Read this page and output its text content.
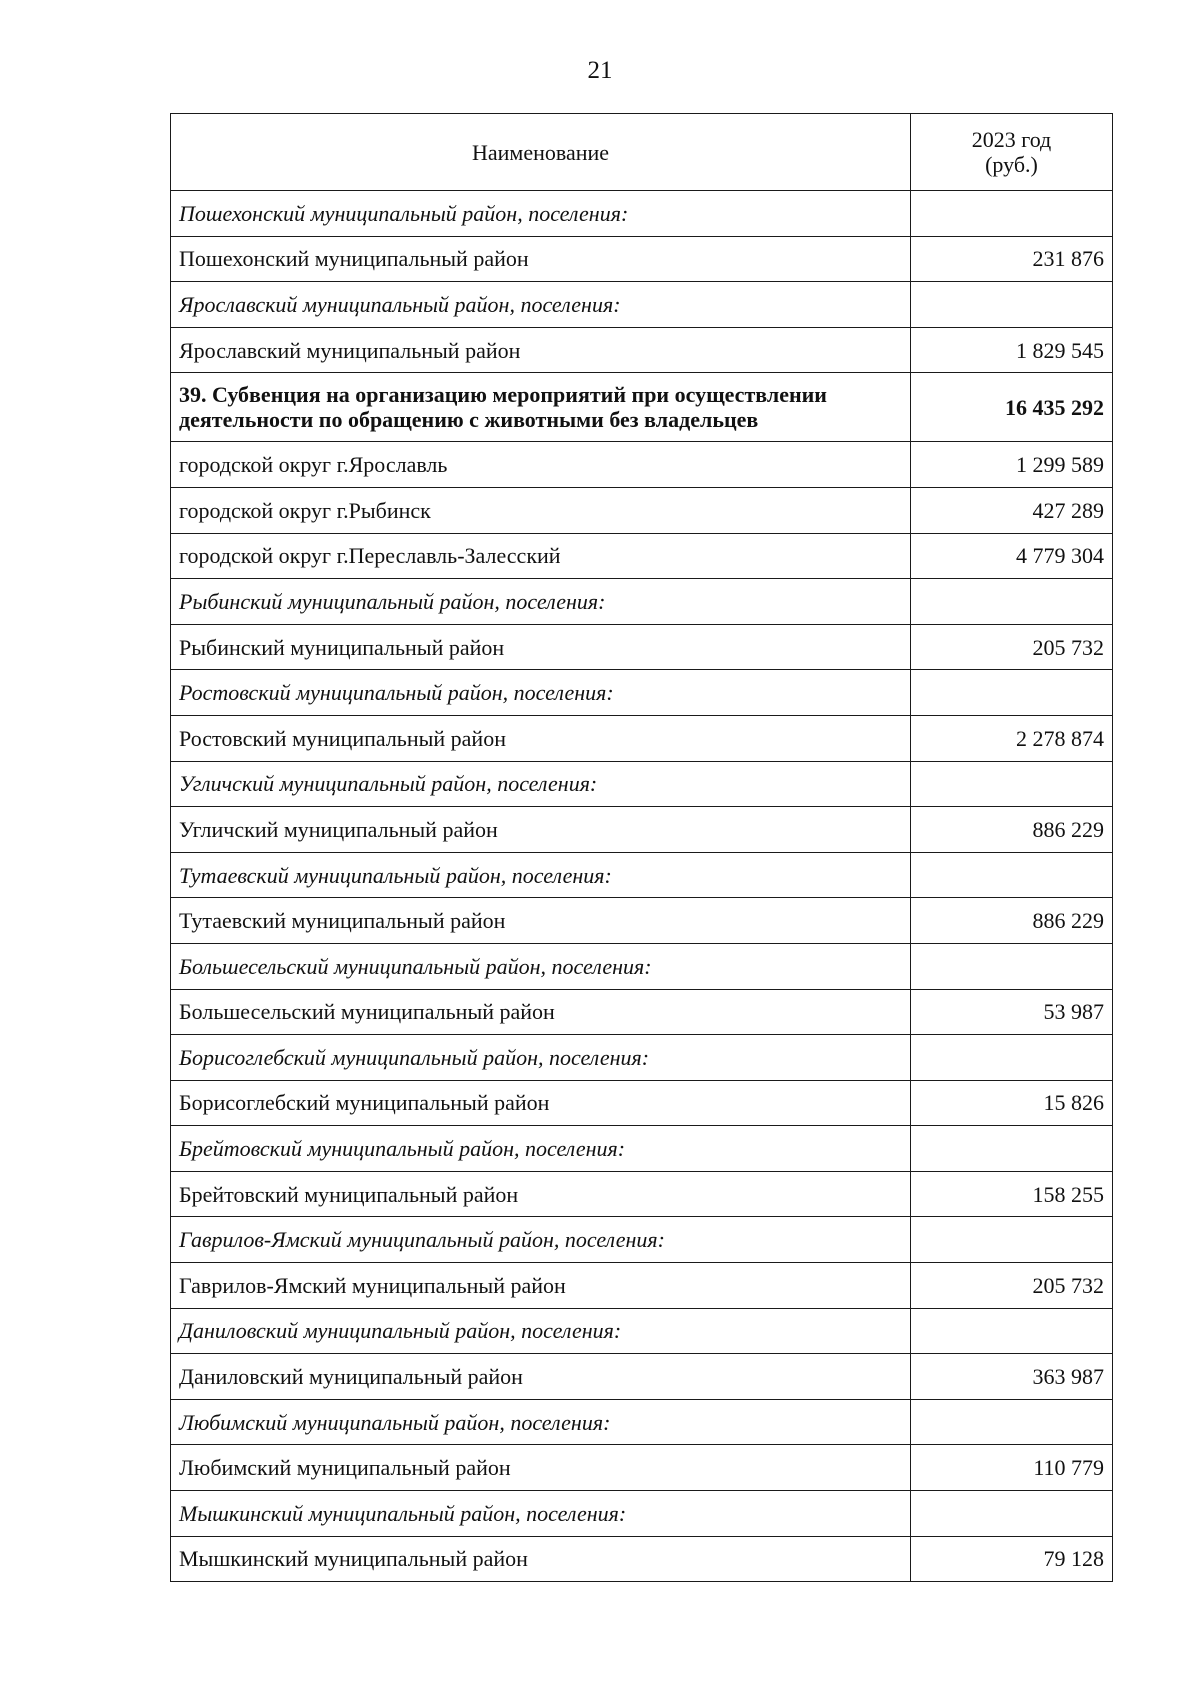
21
Наименование	2023 год
(руб.)

Пошехонский муниципальный район, поселения:	
Пошехонский муниципальный район	231 876
Ярославский муниципальный район, поселения:	
Ярославский муниципальный район	1 829 545
39. Субвенция на организацию мероприятий при осуществлении деятельности по обращению с животными без владельцев	16 435 292
городской округ г.Ярославль	1 299 589
городской округ г.Рыбинск	427 289
городской округ г.Переславль-Залесский	4 779 304
Рыбинский муниципальный район, поселения:	
Рыбинский муниципальный район	205 732
Ростовский муниципальный район, поселения:	
Ростовский муниципальный район	2 278 874
Угличский муниципальный район, поселения:	
Угличский муниципальный район	886 229
Тутаевский муниципальный район, поселения:	
Тутаевский муниципальный район	886 229
Большесельский муниципальный район, поселения:	
Большесельский муниципальный район	53 987
Борисоглебский муниципальный район, поселения:	
Борисоглебский муниципальный район	15 826
Брейтовский муниципальный район, поселения:	
Брейтовский муниципальный район	158 255
Гаврилов-Ямский муниципальный район, поселения:	
Гаврилов-Ямский муниципальный район	205 732
Даниловский муниципальный район, поселения:	
Даниловский муниципальный район	363 987
Любимский муниципальный район, поселения:	
Любимский муниципальный район	110 779
Мышкинский муниципальный район, поселения:	
Мышкинский муниципальный район	79 128
